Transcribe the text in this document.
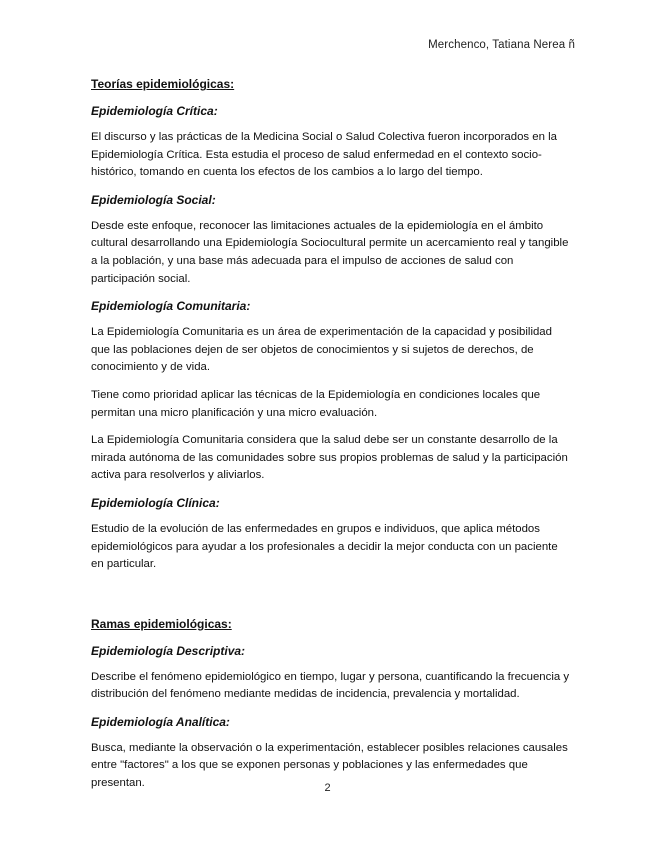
Merchenco, Tatiana Nerea ñ
Teorías epidemiológicas:
Epidemiología Crítica:

El discurso y las prácticas de la Medicina Social o Salud Colectiva fueron incorporados en la Epidemiología Crítica. Esta estudia el proceso de salud enfermedad en el contexto socio-histórico, tomando en cuenta los efectos de los cambios a lo largo del tiempo.

Epidemiología Social:

Desde este enfoque, reconocer las limitaciones actuales de la epidemiología en el ámbito cultural desarrollando una Epidemiología Sociocultural permite un acercamiento real y tangible a la población, y una base más adecuada para el impulso de acciones de salud con participación social.

Epidemiología Comunitaria:

La Epidemiología Comunitaria es un área de experimentación de la capacidad y posibilidad que las poblaciones dejen de ser objetos de conocimientos y si sujetos de derechos, de conocimiento y de vida.

Tiene como prioridad aplicar las técnicas de la Epidemiología en condiciones locales que permitan una micro planificación y una micro evaluación.

La Epidemiología Comunitaria considera que la salud debe ser un constante desarrollo de la mirada autónoma de las comunidades sobre sus propios problemas de salud y la participación activa para resolverlos y aliviarlos.

Epidemiología Clínica:

Estudio de la evolución de las enfermedades en grupos e individuos, que aplica métodos epidemiológicos para ayudar a los profesionales a decidir la mejor conducta con un paciente en particular.

Ramas epidemiológicas:
Epidemiología Descriptiva:

Describe el fenómeno epidemiológico en tiempo, lugar y persona, cuantificando la frecuencia y distribución del fenómeno mediante medidas de incidencia, prevalencia y mortalidad.

Epidemiología Analítica:

Busca, mediante la observación o la experimentación, establecer posibles relaciones causales entre "factores" a los que se exponen personas y poblaciones y las enfermedades que presentan.	2
